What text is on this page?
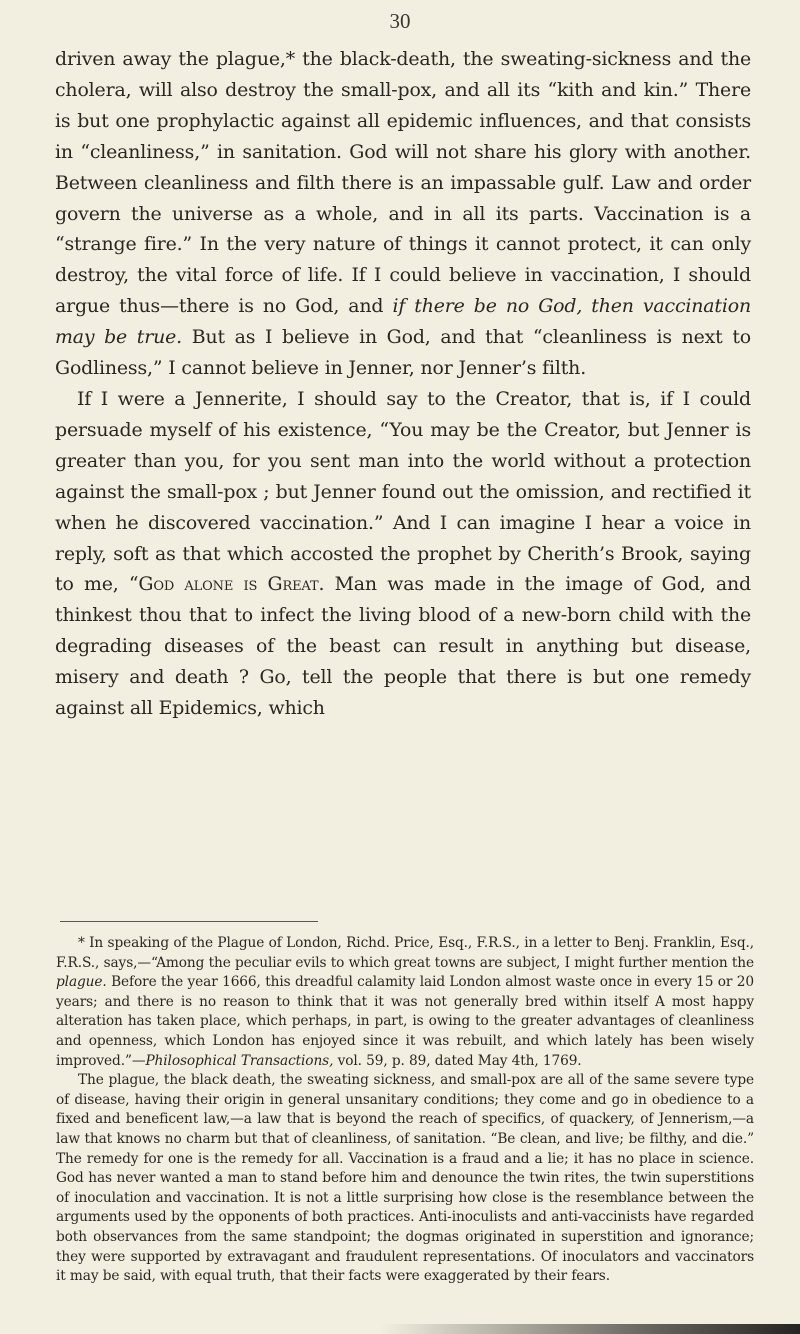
30

driven away the plague,* the black-death, the sweating-sickness and the cholera, will also destroy the small-pox, and all its “kith and kin.” There is but one prophylactic against all epidemic influences, and that consists in “cleanliness,” in sanitation. God will not share his glory with another. Between cleanliness and filth there is an impassable gulf. Law and order govern the universe as a whole, and in all its parts. Vaccination is a “strange fire.” In the very nature of things it cannot protect, it can only destroy, the vital force of life. If I could believe in vaccination, I should argue thus—there is no God, and if there be no God, then vaccination may be true. But as I believe in God, and that “cleanliness is next to Godliness,” I cannot believe in Jenner, nor Jenner’s filth.

If I were a Jennerite, I should say to the Creator, that is, if I could persuade myself of his existence, “You may be the Creator, but Jenner is greater than you, for you sent man into the world without a protection against the small-pox ; but Jenner found out the omission, and rectified it when he discovered vaccination.” And I can imagine I hear a voice in reply, soft as that which accosted the prophet by Cherith’s Brook, saying to me, “God alone is Great. Man was made in the image of God, and thinkest thou that to infect the living blood of a new-born child with the degrading diseases of the beast can result in anything but disease, misery and death ? Go, tell the people that there is but one remedy against all Epidemics, which

* In speaking of the Plague of London, Richd. Price, Esq., F.R.S., in a letter to Benj. Franklin, Esq., F.R.S., says,—“Among the peculiar evils to which great towns are subject, I might further mention the plague. Before the year 1666, this dreadful calamity laid London almost waste once in every 15 or 20 years; and there is no reason to think that it was not generally bred within itself A most happy alteration has taken place, which perhaps, in part, is owing to the greater advantages of cleanliness and openness, which London has enjoyed since it was rebuilt, and which lately has been wisely improved.”—Philosophical Transactions, vol. 59, p. 89, dated May 4th, 1769.

The plague, the black death, the sweating sickness, and small-pox are all of the same severe type of disease, having their origin in general unsanitary conditions; they come and go in obedience to a fixed and beneficent law,—a law that is beyond the reach of specifics, of quackery, of Jennerism,—a law that knows no charm but that of cleanliness, of sanitation. “Be clean, and live; be filthy, and die.” The remedy for one is the remedy for all. Vaccination is a fraud and a lie; it has no place in science. God has never wanted a man to stand before him and denounce the twin rites, the twin superstitions of inoculation and vaccination. It is not a little surprising how close is the resemblance between the arguments used by the opponents of both practices. Anti-inoculists and anti-vaccinists have regarded both observances from the same standpoint; the dogmas originated in superstition and ignorance; they were supported by extravagant and fraudulent representations. Of inoculators and vaccinators it may be said, with equal truth, that their facts were exaggerated by their fears.
